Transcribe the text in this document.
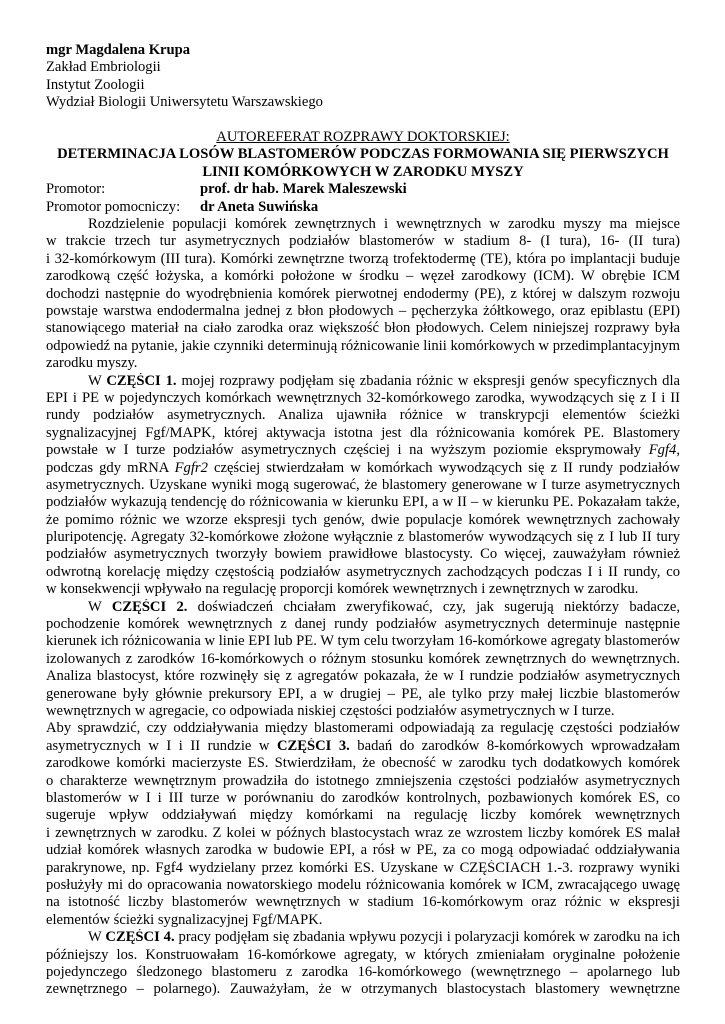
mgr Magdalena Krupa
Zakład Embriologii
Instytut Zoologii
Wydział Biologii Uniwersytetu Warszawskiego
AUTOREFERAT ROZPRAWY DOKTORSKIEJ:
DETERMINACJA LOSÓW BLASTOMERÓW PODCZAS FORMOWANIA SIĘ PIERWSZYCH
LINII KOMÓRKOWYCH W ZARODKU MYSZY
Promotor:	prof. dr hab. Marek Maleszewski
Promotor pomocniczy: dr Aneta Suwińska
Rozdzielenie populacji komórek zewnętrznych i wewnętrznych w zarodku myszy ma miejsce
w trakcie trzech tur asymetrycznych podziałów blastomerów w stadium 8- (I tura), 16- (II tura)
i 32-komórkowym (III tura). Komórki zewnętrzne tworzą trofektodermę (TE), która po implantacji buduje
zarodkową część łożyska, a komórki położone w środku – węzeł zarodkowy (ICM). W obrębie ICM
dochodzi następnie do wyodrębnienia komórek pierwotnej endodermy (PE), z której w dalszym rozwoju
powstaje warstwa endodermalna jednej z błon płodowych – pęcherzyka żółtkowego, oraz epiblastu (EPI)
stanowiącego materiał na ciało zarodka oraz większość błon płodowych. Celem niniejszej rozprawy była
odpowiedź na pytanie, jakie czynniki determinują różnicowanie linii komórkowych w przedimplantacyjnym
zarodku myszy.
W CZĘŚCI 1. mojej rozprawy podjęłam się zbadania różnic w ekspresji genów specyficznych dla
EPI i PE w pojedynczych komórkach wewnętrznych 32-komórkowego zarodka, wywodzących się z I i II
rundy podziałów asymetrycznych. Analiza ujawniła różnice w transkrypcji elementów ścieżki
sygnalizacyjnej Fgf/MAPK, której aktywacja istotna jest dla różnicowania komórek PE. Blastomery
powstałe w I turze podziałów asymetrycznych częściej i na wyższym poziomie eksprymowały Fgf4,
podczas gdy mRNA Fgfr2 częściej stwierdzałam w komórkach wywodzących się z II rundy podziałów
asymetrycznych. Uzyskane wyniki mogą sugerować, że blastomery generowane w I turze asymetrycznych
podziałów wykazują tendencję do różnicowania w kierunku EPI, a w II – w kierunku PE. Pokazałam także,
że pomimo różnic we wzorze ekspresji tych genów, dwie populacje komórek wewnętrznych zachowały
pluripotencję. Agregaty 32-komórkowe złożone wyłącznie z blastomerów wywodzących się z I lub II tury
podziałów asymetrycznych tworzyły bowiem prawidłowe blastocysty. Co więcej, zauważyłam również
odwrotną korelację między częstością podziałów asymetrycznych zachodzących podczas I i II rundy, co
w konsekwencji wpływało na regulację proporcji komórek wewnętrznych i zewnętrznych w zarodku.
W CZĘŚCI 2. doświadczeń chciałam zweryfikować, czy, jak sugerują niektórzy badacze,
pochodzenie komórek wewnętrznych z danej rundy podziałów asymetrycznych determinuje następnie
kierunek ich różnicowania w linie EPI lub PE. W tym celu tworzyłam 16-komórkowe agregaty blastomerów
izolowanych z zarodków 16-komórkowych o różnym stosunku komórek zewnętrznych do wewnętrznych.
Analiza blastocyst, które rozwinęły się z agregatów pokazała, że w I rundzie podziałów asymetrycznych
generowane były głównie prekursory EPI, a w drugiej – PE, ale tylko przy małej liczbie blastomerów
wewnętrznych w agregacie, co odpowiada niskiej częstości podziałów asymetrycznych w I turze.
Aby sprawdzić, czy oddziaływania między blastomerami odpowiadają za regulację częstości podziałów
asymetrycznych w I i II rundzie w CZĘŚCI 3. badań do zarodków 8-komórkowych wprowadzałam
zarodkowe komórki macierzyste ES. Stwierdziłam, że obecność w zarodku tych dodatkowych komórek
o charakterze wewnętrznym prowadziła do istotnego zmniejszenia częstości podziałów asymetrycznych
blastomerów w I i III turze w porównaniu do zarodków kontrolnych, pozbawionych komórek ES, co
sugeruje wpływ oddziaływań między komórkami na regulację liczby komórek wewnętrznych
i zewnętrznych w zarodku. Z kolei w późnych blastocystach wraz ze wzrostem liczby komórek ES malał
udział komórek własnych zarodka w budowie EPI, a rósł w PE, za co mogą odpowiadać oddziaływania
parakrynowe, np. Fgf4 wydzielany przez komórki ES. Uzyskane w CZĘŚCIACH 1.-3. rozprawy wyniki
posłużyły mi do opracowania nowatorskiego modelu różnicowania komórek w ICM, zwracającego uwagę
na istotność liczby blastomerów wewnętrznych w stadium 16-komórkowym oraz różnic w ekspresji
elementów ścieżki sygnalizacyjnej Fgf/MAPK.
W CZĘŚCI 4. pracy podjęłam się zbadania wpływu pozycji i polaryzacji komórek w zarodku na ich
późniejszy los. Konstruowałam 16-komórkowe agregaty, w których zmieniałam oryginalne położenie
pojedynczego śledzonego blastomeru z zarodka 16-komórkowego (wewnętrznego – apolarnego lub
zewnętrznego – polarnego). Zauważyłam, że w otrzymanych blastocystach blastomery wewnętrzne
